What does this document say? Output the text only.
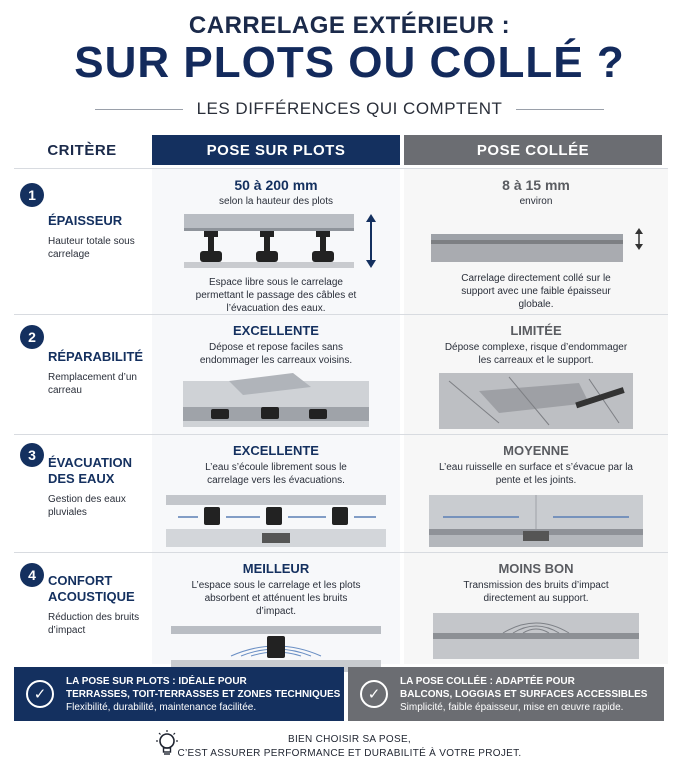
CARRELAGE EXTÉRIEUR :
SUR PLOTS OU COLLÉ ?
LES DIFFÉRENCES QUI COMPTENT
CRITÈRE	POSE SUR PLOTS	POSE COLLÉE
1
ÉPAISSEUR
Hauteur totale sous carrelage
50 à 200 mm
selon la hauteur des plots
Espace libre sous le carrelage permettant le passage des câbles et l’évacuation des eaux.
8 à 15 mm
environ
Carrelage directement collé sur le support avec une faible épaisseur globale.
2
RÉPARABILITÉ
Remplacement d’un carreau
EXCELLENTE
Dépose et repose faciles sans endommager les carreaux voisins.
LIMITÉE
Dépose complexe, risque d’endommager les carreaux et le support.
3 ÉVACUATION DES EAUX
Gestion des eaux pluviales
EXCELLENTE
L’eau s’écoule librement sous le carrelage vers les évacuations.
MOYENNE
L’eau ruisselle en surface et s’évacue par la pente et les joints.
4 CONFORT ACOUSTIQUE
Réduction des bruits d’impact
MEILLEUR
L’espace sous le carrelage et les plots absorbent et atténuent les bruits d’impact.
MOINS BON
Transmission des bruits d’impact directement au support.
✓
LA POSE SUR PLOTS : IDÉALE POUR
TERRASSES, TOIT-TERRASSES ET ZONES TECHNIQUES
Flexibilité, durabilité, maintenance facilitée.
✓
LA POSE COLLÉE : ADAPTÉE POUR
BALCONS, LOGGIAS ET SURFACES ACCESSIBLES
Simplicité, faible épaisseur, mise en œuvre rapide.
BIEN CHOISIR SA POSE,
C’EST ASSURER PERFORMANCE ET DURABILITÉ À VOTRE PROJET.
